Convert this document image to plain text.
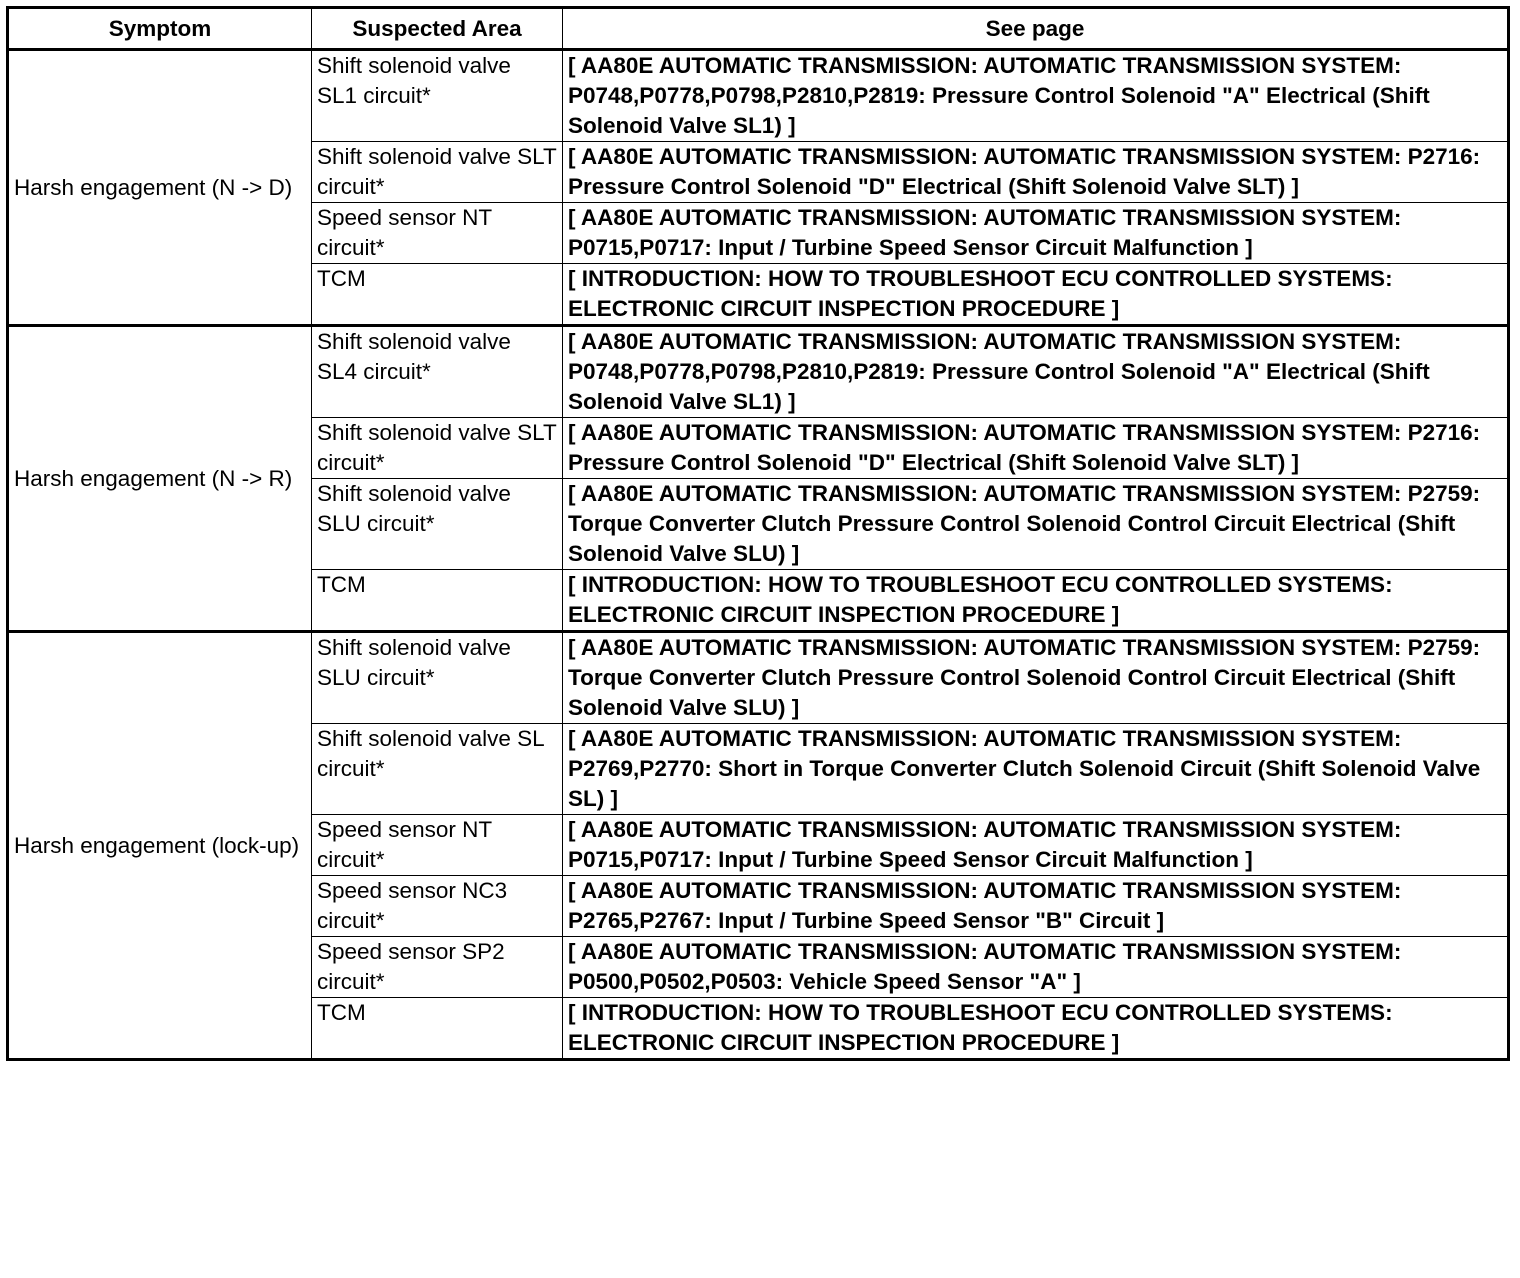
Symptom	Suspected Area	See page
Harsh engagement (N -> D)	Shift solenoid valve SL1 circuit*	[ AA80E AUTOMATIC TRANSMISSION: AUTOMATIC TRANSMISSION SYSTEM: P0748,P0778,P0798,P2810,P2819: Pressure Control Solenoid "A" Electrical (Shift Solenoid Valve SL1) ]
	Shift solenoid valve SLT circuit*	[ AA80E AUTOMATIC TRANSMISSION: AUTOMATIC TRANSMISSION SYSTEM: P2716: Pressure Control Solenoid "D" Electrical (Shift Solenoid Valve SLT) ]
	Speed sensor NT circuit*	[ AA80E AUTOMATIC TRANSMISSION: AUTOMATIC TRANSMISSION SYSTEM: P0715,P0717: Input / Turbine Speed Sensor Circuit Malfunction ]
	TCM	[ INTRODUCTION: HOW TO TROUBLESHOOT ECU CONTROLLED SYSTEMS: ELECTRONIC CIRCUIT INSPECTION PROCEDURE ]
Harsh engagement (N -> R)	Shift solenoid valve SL4 circuit*	[ AA80E AUTOMATIC TRANSMISSION: AUTOMATIC TRANSMISSION SYSTEM: P0748,P0778,P0798,P2810,P2819: Pressure Control Solenoid "A" Electrical (Shift Solenoid Valve SL1) ]
	Shift solenoid valve SLT circuit*	[ AA80E AUTOMATIC TRANSMISSION: AUTOMATIC TRANSMISSION SYSTEM: P2716: Pressure Control Solenoid "D" Electrical (Shift Solenoid Valve SLT) ]
	Shift solenoid valve SLU circuit*	[ AA80E AUTOMATIC TRANSMISSION: AUTOMATIC TRANSMISSION SYSTEM: P2759: Torque Converter Clutch Pressure Control Solenoid Control Circuit Electrical (Shift Solenoid Valve SLU) ]
	TCM	[ INTRODUCTION: HOW TO TROUBLESHOOT ECU CONTROLLED SYSTEMS: ELECTRONIC CIRCUIT INSPECTION PROCEDURE ]
Harsh engagement (lock-up)	Shift solenoid valve SLU circuit*	[ AA80E AUTOMATIC TRANSMISSION: AUTOMATIC TRANSMISSION SYSTEM: P2759: Torque Converter Clutch Pressure Control Solenoid Control Circuit Electrical (Shift Solenoid Valve SLU) ]
	Shift solenoid valve SL circuit*	[ AA80E AUTOMATIC TRANSMISSION: AUTOMATIC TRANSMISSION SYSTEM: P2769,P2770: Short in Torque Converter Clutch Solenoid Circuit (Shift Solenoid Valve SL) ]
	Speed sensor NT circuit*	[ AA80E AUTOMATIC TRANSMISSION: AUTOMATIC TRANSMISSION SYSTEM: P0715,P0717: Input / Turbine Speed Sensor Circuit Malfunction ]
	Speed sensor NC3 circuit*	[ AA80E AUTOMATIC TRANSMISSION: AUTOMATIC TRANSMISSION SYSTEM: P2765,P2767: Input / Turbine Speed Sensor "B" Circuit ]
	Speed sensor SP2 circuit*	[ AA80E AUTOMATIC TRANSMISSION: AUTOMATIC TRANSMISSION SYSTEM: P0500,P0502,P0503: Vehicle Speed Sensor "A" ]
	TCM	[ INTRODUCTION: HOW TO TROUBLESHOOT ECU CONTROLLED SYSTEMS: ELECTRONIC CIRCUIT INSPECTION PROCEDURE ]
